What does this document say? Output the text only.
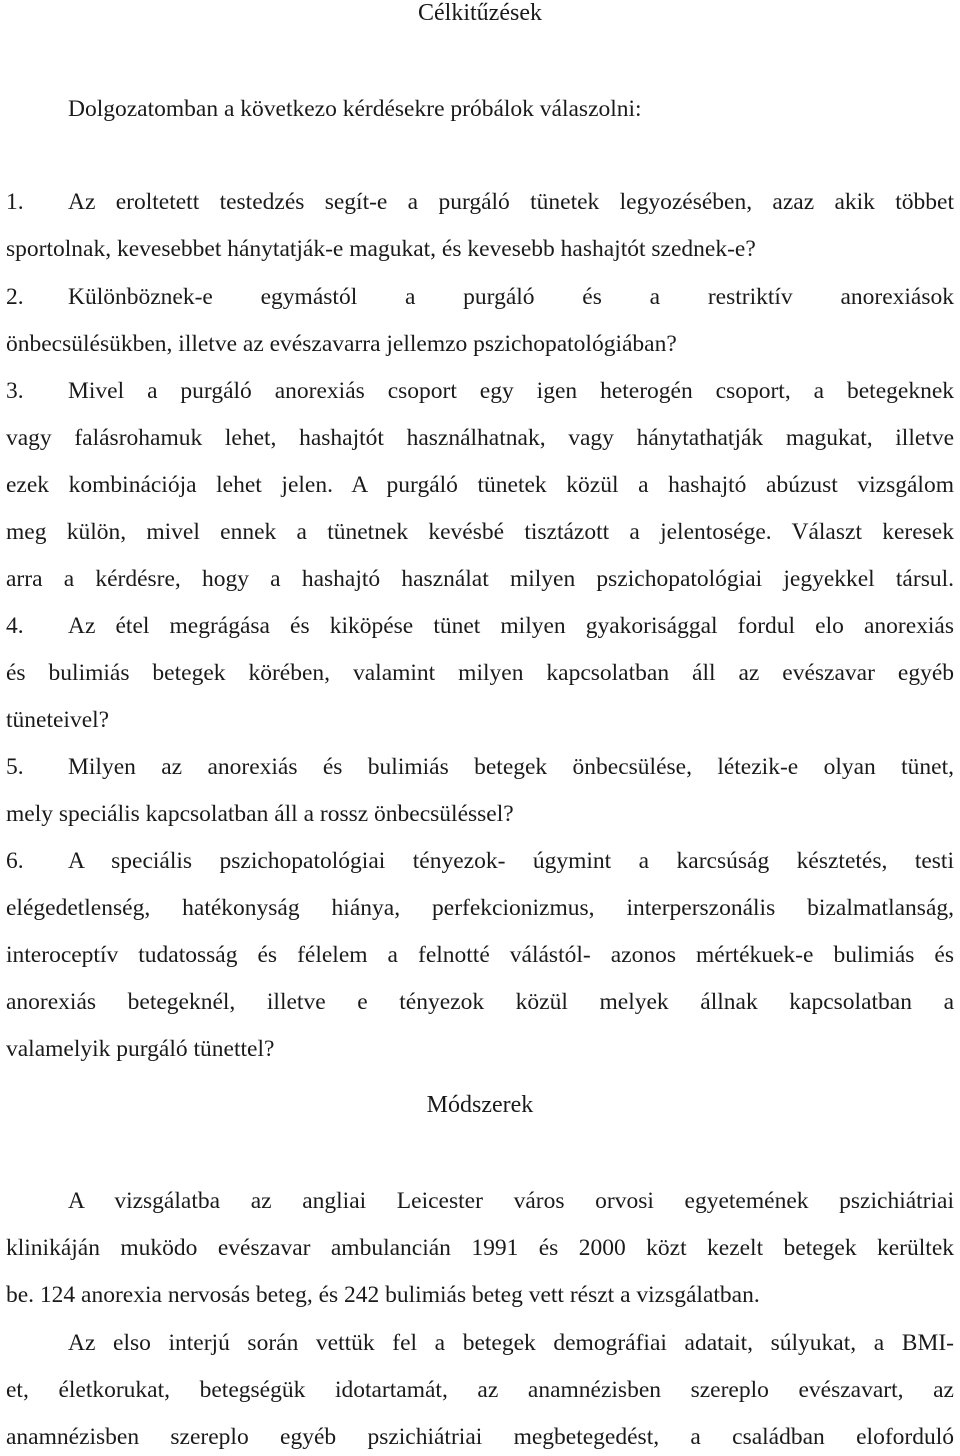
Célkitűzések
Dolgozatomban a következo kérdésekre próbálok válaszolni:
1. Az eroltetett testedzés segít-e a purgáló tünetek legyozésében, azaz akik többet
sportolnak, kevesebbet hánytatják-e magukat, és kevesebb hashajtót szednek-e?
2. Különböznek-e egymástól a purgáló és a restriktív anorexiások
önbecsülésükben, illetve az evészavarra jellemzo pszichopatológiában?
3. Mivel a purgáló anorexiás csoport egy igen heterogén csoport, a betegeknek
vagy falásrohamuk lehet, hashajtót használhatnak, vagy hánytathatják magukat, illetve
ezek kombinációja lehet jelen. A purgáló tünetek közül a hashajtó abúzust vizsgálom
meg külön, mivel ennek a tünetnek kevésbé tisztázott a jelentosége. Választ keresek
arra a kérdésre, hogy a hashajtó használat milyen pszichopatológiai jegyekkel társul.
4. Az étel megrágása és kiköpése tünet milyen gyakorisággal fordul elo anorexiás
és bulimiás betegek körében, valamint milyen kapcsolatban áll az evészavar egyéb
tüneteivel?
5. Milyen az anorexiás és bulimiás betegek önbecsülése, létezik-e olyan tünet,
mely speciális kapcsolatban áll a rossz önbecsüléssel?
6. A speciális pszichopatológiai tényezok- úgymint a karcsúság késztetés, testi
elégedetlenség, hatékonyság hiánya, perfekcionizmus, interperszonális bizalmatlanság,
interoceptív tudatosság és félelem a felnotté válástól- azonos mértékuek-e bulimiás és
anorexiás betegeknél, illetve e tényezok közül melyek állnak kapcsolatban a
valamelyik purgáló tünettel?
Módszerek
A vizsgálatba az angliai Leicester város orvosi egyetemének pszichiátriai
klinikáján muködo evészavar ambulancián 1991 és 2000 közt kezelt betegek kerültek
be. 124 anorexia nervosás beteg, és 242 bulimiás beteg vett részt a vizsgálatban.
Az elso interjú során vettük fel a betegek demográfiai adatait, súlyukat, a BMI-
et, életkorukat, betegségük idotartamát, az anamnézisben szereplo evészavart, az
anamnézisben szereplo egyéb pszichiátriai megbetegedést, a családban eloforduló
